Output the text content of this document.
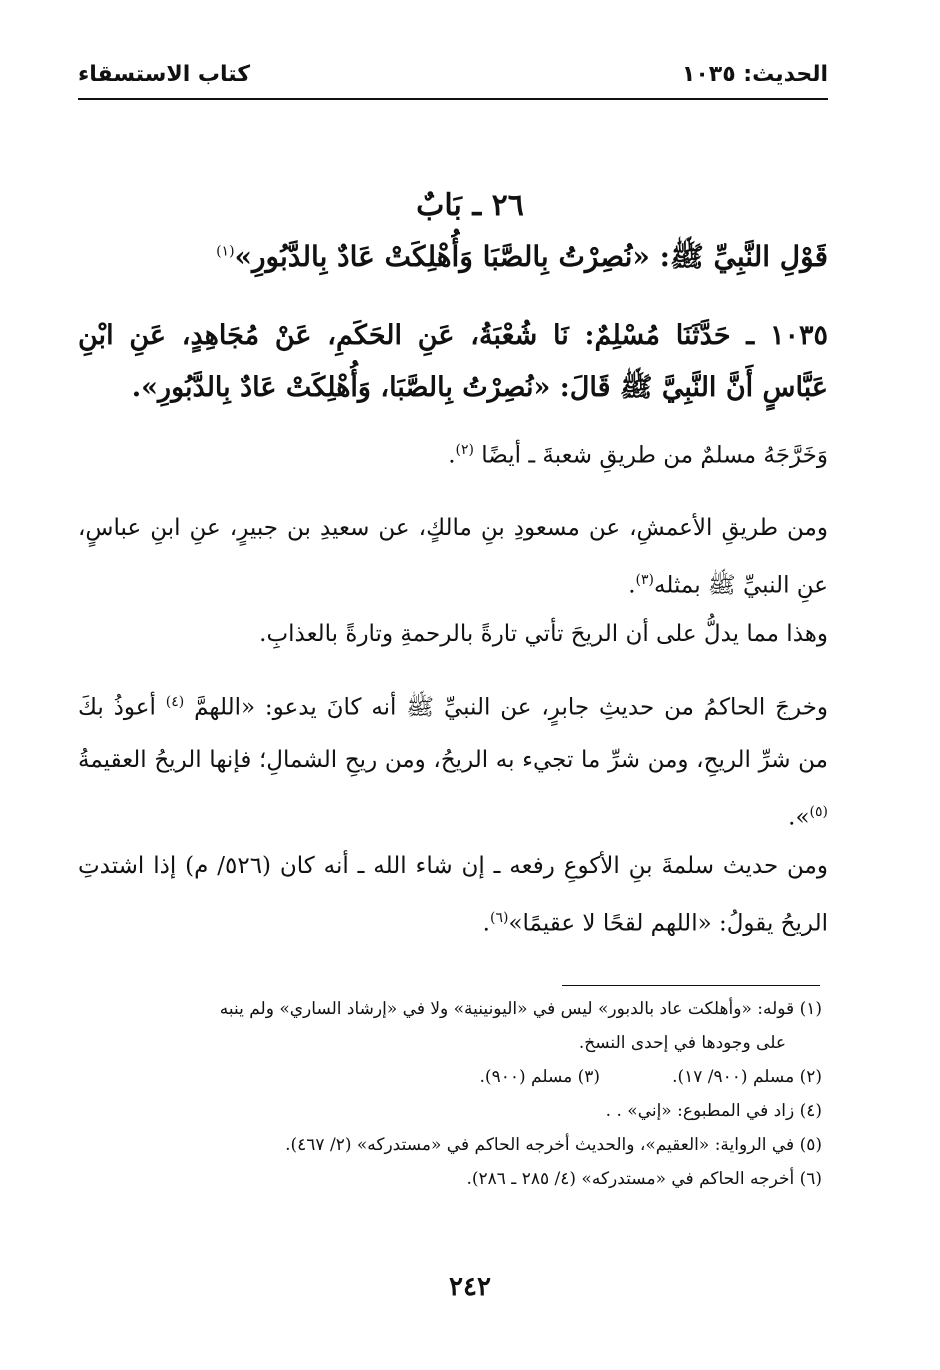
الحديث: ١٠٣٥
كتاب الاستسقاء
٢٦ ـ بَابٌ
قَوْلِ النَّبِيِّ ﷺ: «نُصِرْتُ بِالصَّبَا وَأُهْلِكَتْ عَادٌ بِالدَّبُورِ»$^{(١)}$
١٠٣٥ ـ حَدَّثَنَا مُسْلِمٌ: نَا شُعْبَةُ، عَنِ الحَكَمِ، عَنْ مُجَاهِدٍ، عَنِ ابْنِ عَبَّاسٍ أَنَّ النَّبِيَّ ﷺ قَالَ: «نُصِرْتُ بِالصَّبَا، وَأُهْلِكَتْ عَادٌ بِالدَّبُورِ».
وَخَرَّجَهُ مسلمٌ من طريقِ شعبةَ ـ أيضًا $^{(٢)}$.
ومن طريقِ الأعمشِ، عن مسعودِ بنِ مالكٍ، عن سعيدِ بن جبيرٍ، عنِ ابنِ عباسٍ، عنِ النبيِّ ﷺ بمثله$^{(٣)}$.
وهذا مما يدلُّ على أن الريحَ تأتي تارةً بالرحمةِ وتارةً بالعذابِ.
وخرجَ الحاكمُ من حديثِ جابرٍ، عن النبيِّ ﷺ أنه كانَ يدعو: «اللهمَّ $^{(٤)}$ أعوذُ بكَ من شرِّ الريحِ، ومن شرِّ ما تجيء به الريحُ، ومن ريحِ الشمالِ؛ فإنها الريحُ العقيمةُ $^{(٥)}$».
ومن حديث سلمةَ بنِ الأكوعِ رفعه ـ إن شاء الله ـ أنه كان (٥٢٦/ م) إذا اشتدتِ الريحُ يقولُ: «اللهم لقحًا لا عقيمًا»$^{(٦)}$.
(١) قوله: «وأهلكت عاد بالدبور» ليس في «اليونينية» ولا في «إرشاد الساري» ولم ينبه
على وجودها في إحدى النسخ.
(٢) مسلم (٩٠٠/ ١٧).(٣) مسلم (٩٠٠).
(٤) زاد في المطبوع: «إني» . .
(٥) في الرواية: «العقيم»، والحديث أخرجه الحاكم في «مستدركه» (٢/ ٤٦٧).
(٦) أخرجه الحاكم في «مستدركه» (٤/ ٢٨٥ ـ ٢٨٦).
٢٤٢
